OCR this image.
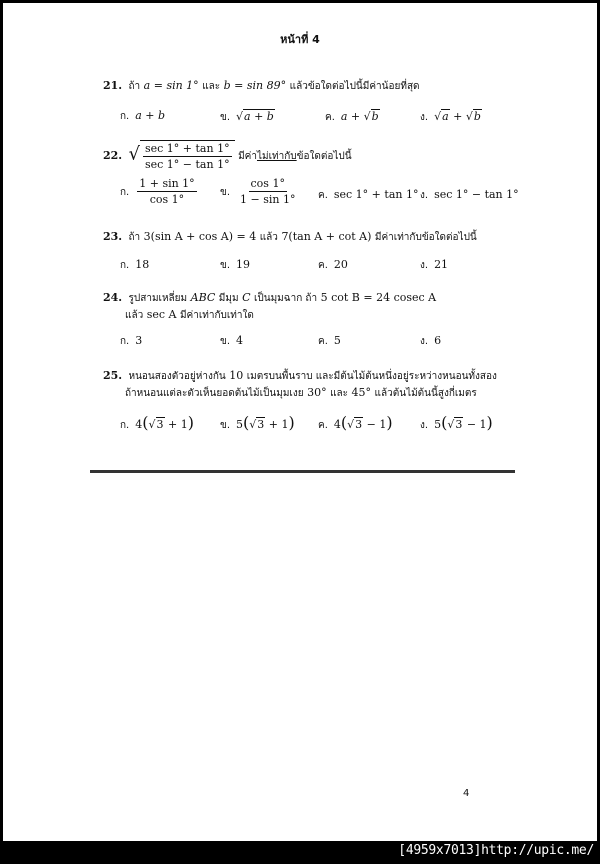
[4959x7013]http://upic.me/
หน้าที่ 4
21. ถ้า a = sin 1° และ b = sin 89° แล้วข้อใดต่อไปนี้มีค่าน้อยที่สุด
ก. a + b	ข. √a + b	ค. a + √b	ง. √a + √b
22. √ $\frac{\sec 1^\circ + \tan 1^\circ}{\sec 1^\circ - \tan 1^\circ}$ มีค่าไม่เท่ากับข้อใดต่อไปนี้
ก. $\frac{1 + \sin 1^\circ}{\cos 1^\circ}$ ข. $\frac{\cos 1^\circ}{1 - \sin 1^\circ}$ ค. sec 1° + tan 1° ง. sec 1° − tan 1°
23. ถ้า 3(sin A + cos A) = 4 แล้ว 7(tan A + cot A) มีค่าเท่ากับข้อใดต่อไปนี้
ก. 18	ข. 19	ค. 20	ง. 21
24. รูปสามเหลี่ยม ABC มีมุม C เป็นมุมฉาก ถ้า 5 cot B = 24 cosec A
แล้ว sec A มีค่าเท่ากับเท่าใด
ก. 3	ข. 4	ค. 5	ง. 6
25. หนอนสองตัวอยู่ห่างกัน 10 เมตรบนพื้นราบ และมีต้นไม้ต้นหนึ่งอยู่ระหว่างหนอนทั้งสอง
ถ้าหนอนแต่ละตัวเห็นยอดต้นไม้เป็นมุมเงย 30° และ 45° แล้วต้นไม้ต้นนี้สูงกี่เมตร
ก. 4(√3 + 1)	ข. 5(√3 + 1) ค. 4(√3 − 1)	ง. 5(√3 − 1)
4
